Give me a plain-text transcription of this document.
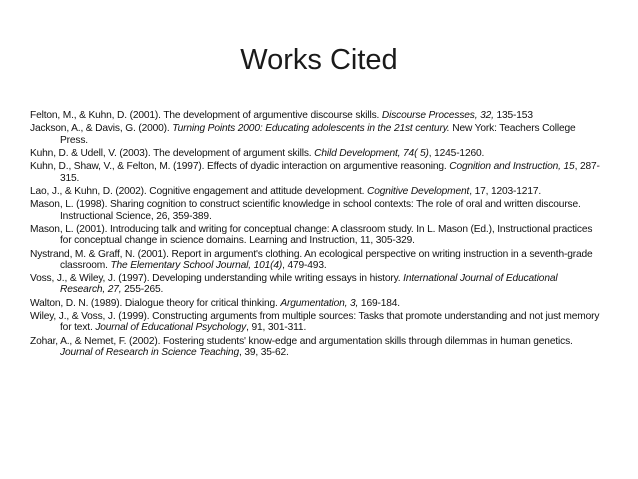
Works Cited

Felton, M., & Kuhn, D. (2001). The development of argumentive discourse skills. Discourse Processes, 32, 135-153

Jackson, A., & Davis, G. (2000). Turning Points 2000: Educating adolescents in the 21st century. New York: Teachers College Press.

Kuhn, D. & Udell, V. (2003). The development of argument skills. Child Development, 74( 5), 1245-1260.

Kuhn, D., Shaw, V., & Felton, M. (1997). Effects of dyadic interaction on argumentive reasoning. Cognition and Instruction, 15, 287-315.

Lao, J., & Kuhn, D. (2002). Cognitive engagement and attitude development. Cognitive Development, 17, 1203-1217.

Mason, L. (1998). Sharing cognition to construct scientific knowledge in school contexts: The role of oral and written discourse. Instructional Science, 26, 359-389.

Mason, L. (2001). Introducing talk and writing for conceptual change: A classroom study. In L. Mason (Ed.), Instructional practices for conceptual change in science domains. Learning and Instruction, 11, 305-329.

Nystrand, M. & Graff, N. (2001). Report in argument's clothing. An ecological perspective on writing instruction in a seventh-grade classroom. The Elementary School Journal, 101(4), 479-493.

Voss, J., & Wiley, J. (1997). Developing understanding while writing essays in history. International Journal of Educational Research, 27, 255-265.

Walton, D. N. (1989). Dialogue theory for critical thinking. Argumentation, 3, 169-184.

Wiley, J., & Voss, J. (1999). Constructing arguments from multiple sources: Tasks that promote understanding and not just memory for text. Journal of Educational Psychology, 91, 301-311.

Zohar, A., & Nemet, F. (2002). Fostering students' know-edge and argumentation skills through dilemmas in human genetics. Journal of Research in Science Teaching, 39, 35-62.
